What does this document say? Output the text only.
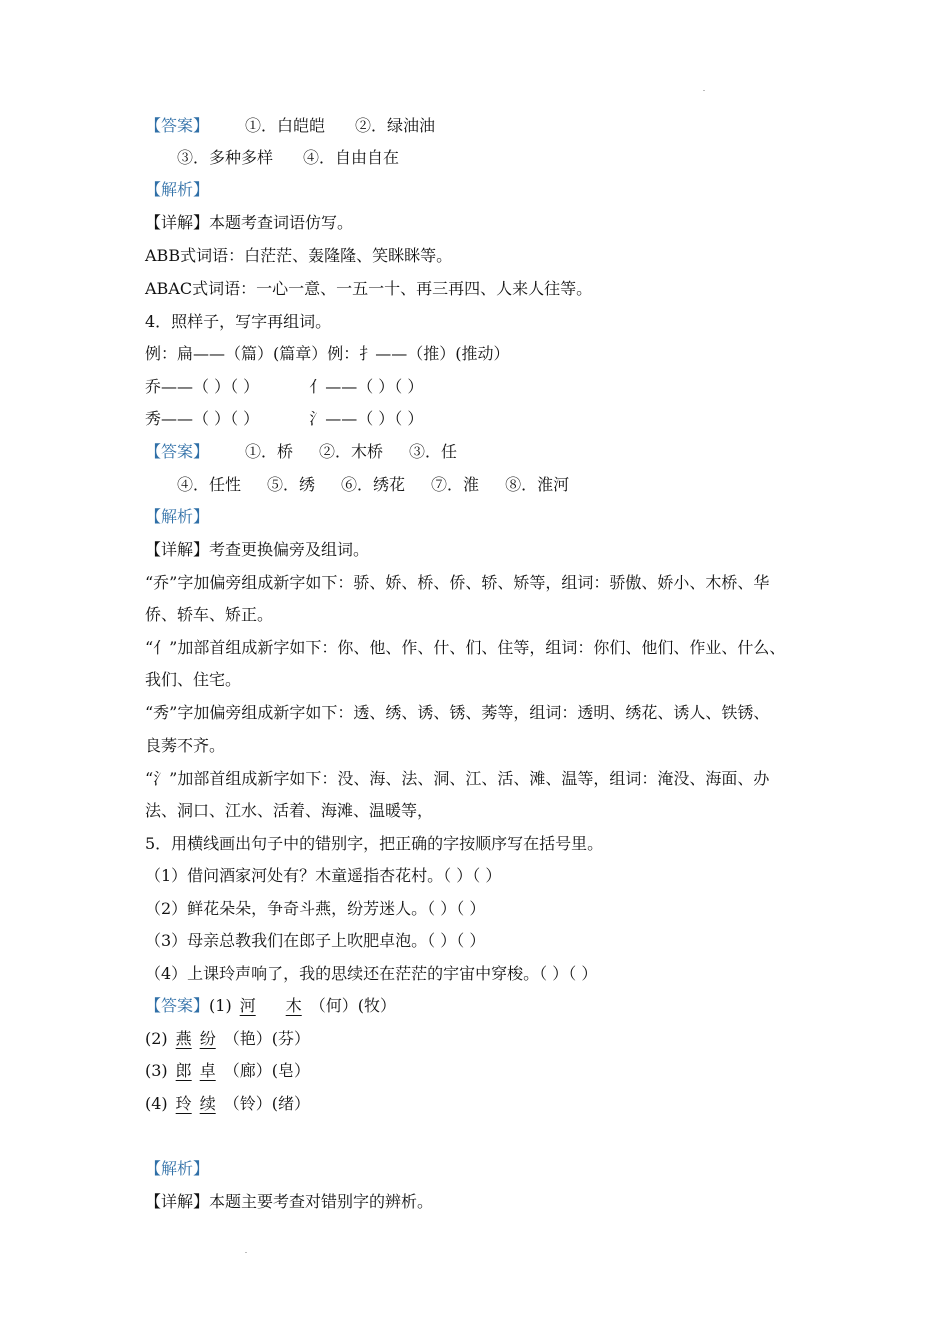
【答案】 ①．白皑皑 ②．绿油油
③．多种多样 ④．自由自在
【解析】
【详解】本题考查词语仿写。
ABB式词语：白茫茫、轰隆隆、笑眯眯等。
ABAC式词语：一心一意、一五一十、再三再四、人来人往等。
4．照样子，写字再组词。
例：扁——（篇）(篇章）例：扌——（推）(推动）
乔——（ ）（ ）	亻——（ ）（ ）
秀——（ ）（ ）	氵——（ ）（ ）
【答案】 ①．桥 ②．木桥 ③．任
④．任性 ⑤．绣 ⑥．绣花 ⑦．淮 ⑧．淮河
【解析】
【详解】考查更换偏旁及组词。
“乔”字加偏旁组成新字如下：骄、娇、桥、侨、轿、矫等，组词：骄傲、娇小、木桥、华
侨、轿车、矫正。
“亻”加部首组成新字如下：你、他、作、什、们、住等，组词：你们、他们、作业、什么、
我们、住宅。
“秀”字加偏旁组成新字如下：透、绣、诱、锈、莠等，组词：透明、绣花、诱人、铁锈、
良莠不齐。
“氵”加部首组成新字如下：没、海、法、洞、江、活、滩、温等，组词：淹没、海面、办
法、洞口、江水、活着、海滩、温暖等，
5．用横线画出句子中的错别字，把正确的字按顺序写在括号里。
（1）借问酒家河处有？木童遥指杏花村。（ ）（ ）
（2）鲜花朵朵，争奇斗燕，纷芳迷人。（ ）（ ）
（3）母亲总教我们在郎子上吹肥卓泡。（ ）（ ）
（4）上课玲声响了，我的思续还在茫茫的宇宙中穿梭。（ ）（ ）
【答案】(1) 河 木 （何）(牧）
(2) 燕 纷 （艳）(芬）
(3) 郎 卓 （廊）(皂）
(4) 玲 续 （铃）(绪）
【解析】
【详解】本题主要考查对错别字的辨析。
